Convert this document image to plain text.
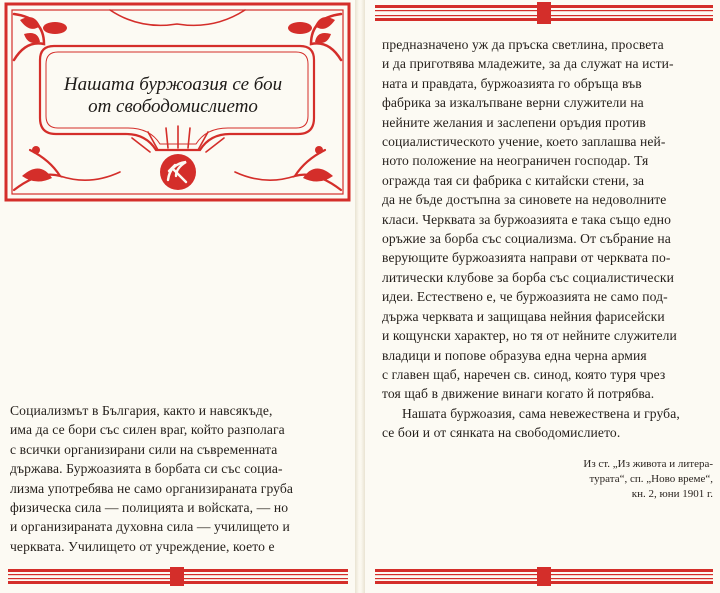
Нашата буржоазия се бои
от свободомислието
Социализмът в България, както и навсякъде,
има да се бори със силен враг, който разполага
с всички организирани сили на съвременната
държава. Буржоазията в борбата си със социа-
лизма употребява не само организираната груба
физическа сила — полицията и войската, — но
и организираната духовна сила — училището и
черквата. Училището от учреждение, което е
предназначено уж да пръска светлина, просвета
и да приготвява младежите, за да служат на исти-
ната и правдата, буржоазията го обръща във
фабрика за изкалъпване верни служители на
нейните желания и заслепени оръдия против
социалистическото учение, което заплашва ней-
ното положение на неограничен господар. Тя
огражда тая си фабрика с китайски стени, за
да не бъде достъпна за синовете на недоволните
класи. Черквата за буржоазията е така също едно
оръжие за борба със социализма. От събрание на
верующите буржоазията направи от черквата по-
литически клубове за борба със социалистически
идеи. Естествено е, че буржоазията не само под-
държа черквата и защищава нейния фарисейски
и кощунски характер, но тя от нейните служители
владици и попове образува една черна армия
с главен щаб, наречен св. синод, която туря чрез
тоя щаб в движение винаги когато й потрябва.
Нашата буржоазия, сама невежествена и груба,
се бои и от сянката на свободомислието.
Из ст. „Из живота и литера-
турата“, сп. „Ново време“,
кн. 2, юни 1901 г.
